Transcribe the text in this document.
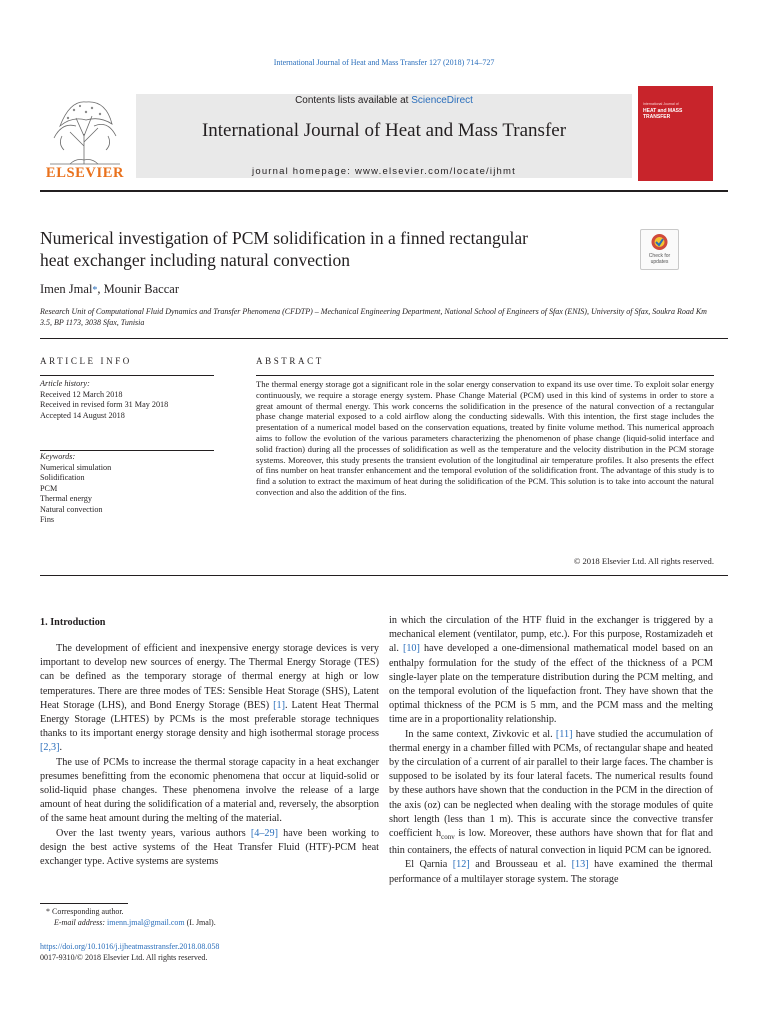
International Journal of Heat and Mass Transfer 127 (2018) 714–727
ELSEVIER
Contents lists available at ScienceDirect
International Journal of Heat and Mass Transfer
journal homepage: www.elsevier.com/locate/ijhmt
International Journal of
HEAT and MASS
TRANSFER
Numerical investigation of PCM solidification in a finned rectangular
heat exchanger including natural convection	Check for updates
Imen Jmal*, Mounir Baccar
Research Unit of Computational Fluid Dynamics and Transfer Phenomena (CFDTP) – Mechanical Engineering Department, National School of Engineers of Sfax (ENIS), University of Sfax, Soukra Road Km 3.5, BP 1173, 3038 Sfax, Tunisia
ARTICLE INFO	ABSTRACT
Article history:
Received 12 March 2018
Received in revised form 31 May 2018
Accepted 14 August 2018
Keywords:
Numerical simulation
Solidification
PCM
Thermal energy
Natural convection
Fins
The thermal energy storage got a significant role in the solar energy conservation to expand its use over time. To exploit solar energy continuously, we require a storage energy system. Phase Change Material (PCM) used in this kind of systems in order to store a great amount of thermal energy. This work concerns the solidification in the presence of the natural convection of a rectangular phase change material exposed to a cold airflow along the conducting sidewalls. With this intention, the first stage includes the presentation of a numerical model based on the conservation equations, treated by finite volume method. This numerical approach aims to follow the evolution of the various parameters characterizing the phenomenon of phase change (liquid-solid interface and solid fraction) during all the processes of solidification as well as the temperature and the velocity distribution in the PCM storage systems. Moreover, this study presents the transient evolution of the longitudinal air temperature profiles. It also presents the effect of fins number on heat transfer enhancement and the temporal evolution of the solidification front. The advantage of this study is to find a solution to extract the maximum of heat during the solidification of the PCM. This solution is to take into account the natural convection and also the addition of the fins.
© 2018 Elsevier Ltd. All rights reserved.
1. Introduction

The development of efficient and inexpensive energy storage devices is very important to develop new sources of energy. The Thermal Energy Storage (TES) can be defined as the temporary storage of thermal energy at high or low temperatures. There are three modes of TES: Sensible Heat Storage (SHS), Latent Heat Storage (LHS), and Bond Energy Storage (BES) [1]. Latent Heat Thermal Energy Storage (LHTES) by PCMs is the most preferable storage techniques thanks to its important energy storage density and high isothermal storage process [2,3].

The use of PCMs to increase the thermal storage capacity in a heat exchanger presumes benefitting from the economic phenomena that occur at liquid-solid or solid-liquid phase changes. These phenomena involve the release of a large amount of heat during the solidification of a material and, reversely, the absorption of the same heat amount during the melting of the material.

Over the last twenty years, various authors [4–29] have been working to design the best active systems of the Heat Transfer Fluid (HTF)-PCM heat exchanger type. Active systems are systems

in which the circulation of the HTF fluid in the exchanger is triggered by a mechanical element (ventilator, pump, etc.). For this purpose, Rostamizadeh et al. [10] have developed a one-dimensional mathematical model based on an enthalpy formulation for the study of the effect of the thickness of a PCM single-layer plate on the temperature distribution during the PCM melting, and on the temporal evolution of the liquefaction front. They have shown that the optimal thickness of the PCM is 5 mm, and the PCM mass and the melting time are in a proportionality relationship.

In the same context, Zivkovic et al. [11] have studied the accumulation of thermal energy in a chamber filled with PCMs, of rectangular shape and heated by the circulation of a current of air parallel to their large faces. The chamber is supposed to be isolated by its four lateral facets. The numerical results found by these authors have shown that the conduction in the PCM in the direction of the axis (oz) can be neglected when dealing with the storage modules of quite short length (less than 1 m). This is accurate since the convective transfer coefficient $h_{conv}$ is low. Moreover, these authors have shown that for flat and thin containers, the effects of natural convection in liquid PCM can be ignored.

El Qarnia [12] and Brousseau et al. [13] have examined the thermal performance of a multilayer storage system. The storage

* Corresponding author.
E-mail address: imenn.jmal@gmail.com (I. Jmal).
https://doi.org/10.1016/j.ijheatmasstransfer.2018.08.058
0017-9310/© 2018 Elsevier Ltd. All rights reserved.
